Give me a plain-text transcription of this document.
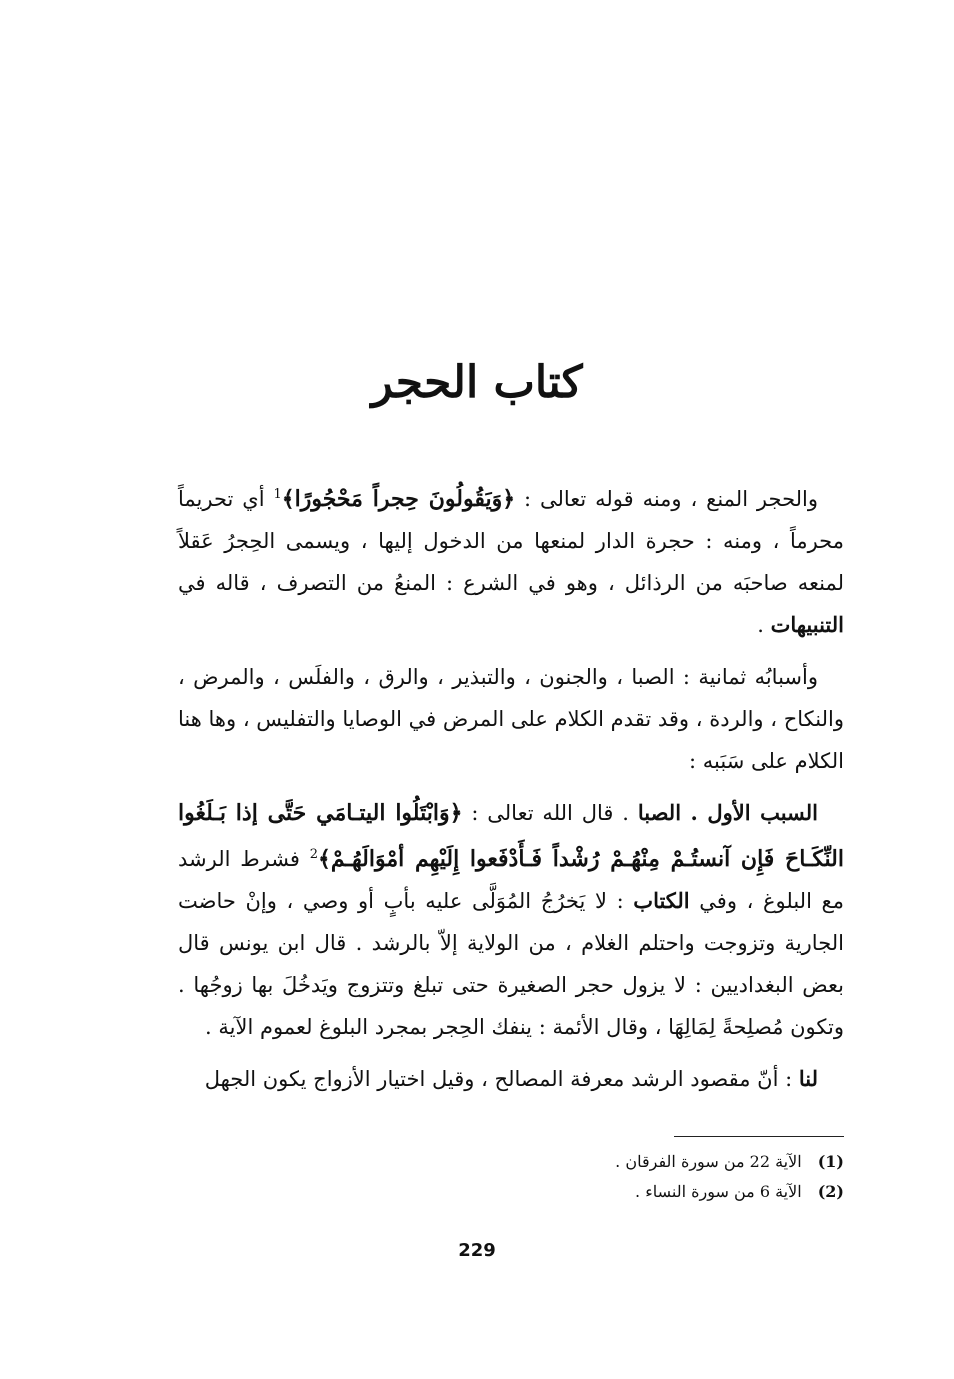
كتاب الحجر

والحجر المنع ، ومنه قوله تعالى : ﴿وَيَقُولُونَ حِجراً مَحْجُورًا﴾$^1$ أي تحريماً محرماً ، ومنه : حجرة الدار لمنعها من الدخول إليها ، ويسمى الحِجرُ عَقلاً لمنعه صاحبَه من الرذائل ، وهو في الشرع : المنعُ من التصرف ، قاله في التنبيهات .

وأسبابُه ثمانية : الصبا ، والجنون ، والتبذير ، والرق ، والفلَس ، والمرض ، والنكاح ، والردة ، وقد تقدم الكلام على المرض في الوصايا والتفليس ، وها هنا الكلام على سَبَبه :

السبب الأول . الصبا . قال الله تعالى : ﴿وَابْتَلُوا اليتـامَي حَتَّى إذا بَـلَغُوا النِّكَـاحَ فَإِن آنستُـمْ مِنْهُـمْ رُشْداً فَـأَدْفَعوا إِلَيْهِم أمْوَالَهُـمْ﴾$^2$ فشرط الرشد مع البلوغ ، وفي الكتاب : لا يَخرُجُ المُوَلَّى عليه بأبٍ أو وصي ، وإنْ حاضت الجارية وتزوجت واحتلم الغلام ، من الولاية إلاّ بالرشد . قال ابن يونس قال بعض البغداديين : لا يزول حجر الصغيرة حتى تبلغ وتتزوج ويَدخُلَ بها زوجُها . وتكون مُصلِحةً لِمَالِهَا ، وقال الأئمة : ينفك الحِجر بمجرد البلوغ لعموم الآية .

لنا : أنّ مقصود الرشد معرفة المصالح ، وقيل اختيار الأزواج يكون الجهل

(1)
الآية 22 من سورة الفرقان .
(2)
الآية 6 من سورة النساء .
229
